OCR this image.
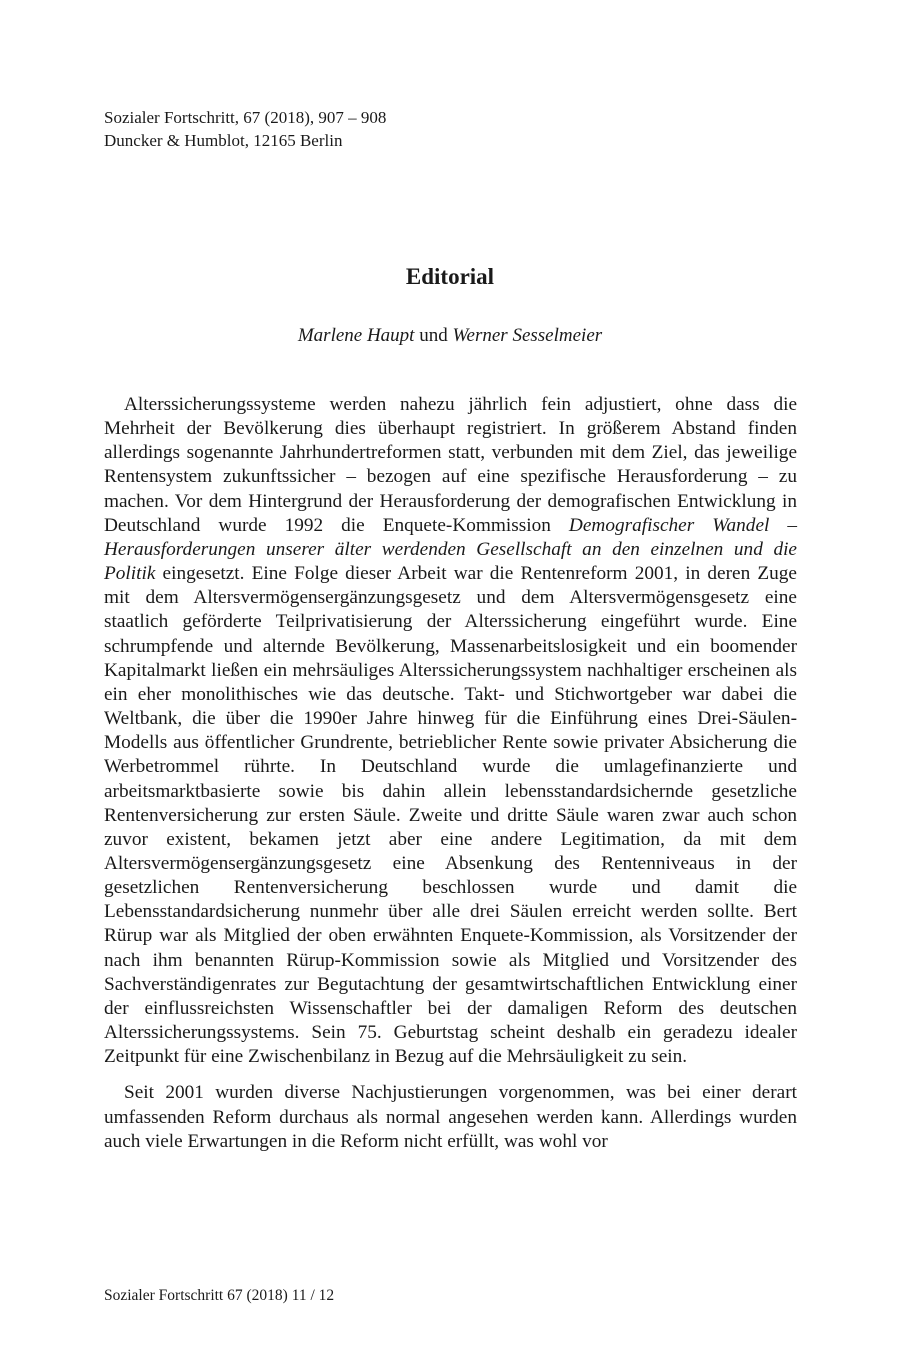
Sozialer Fortschritt, 67 (2018), 907 – 908
Duncker & Humblot, 12165 Berlin
Editorial
Marlene Haupt und Werner Sesselmeier

Alterssicherungssysteme werden nahezu jährlich fein adjustiert, ohne dass die Mehrheit der Bevölkerung dies überhaupt registriert. In größerem Abstand finden allerdings sogenannte Jahrhundertreformen statt, verbunden mit dem Ziel, das jeweilige Rentensystem zukunftssicher – bezogen auf eine spezifische Herausforderung – zu machen. Vor dem Hintergrund der Herausforderung der demografischen Entwicklung in Deutschland wurde 1992 die Enquete-Kommission Demografischer Wandel – Herausforderungen unserer älter werdenden Gesellschaft an den einzelnen und die Politik eingesetzt. Eine Folge dieser Arbeit war die Rentenreform 2001, in deren Zuge mit dem Altersvermögensergänzungsgesetz und dem Altersvermögensgesetz eine staatlich geförderte Teilprivatisierung der Alterssicherung eingeführt wurde. Eine schrumpfende und alternde Bevölkerung, Massenarbeitslosigkeit und ein boomender Kapitalmarkt ließen ein mehrsäuliges Alterssicherungssystem nachhaltiger erscheinen als ein eher monolithisches wie das deutsche. Takt- und Stichwortgeber war dabei die Weltbank, die über die 1990er Jahre hinweg für die Einführung eines Drei-Säulen-Modells aus öffentlicher Grundrente, betrieblicher Rente sowie privater Absicherung die Werbetrommel rührte. In Deutschland wurde die umlagefinanzierte und arbeitsmarktbasierte sowie bis dahin allein lebensstandardsichernde gesetzliche Rentenversicherung zur ersten Säule. Zweite und dritte Säule waren zwar auch schon zuvor existent, bekamen jetzt aber eine andere Legitimation, da mit dem Altersvermögensergänzungsgesetz eine Absenkung des Rentenniveaus in der gesetzlichen Rentenversicherung beschlossen wurde und damit die Lebensstandardsicherung nunmehr über alle drei Säulen erreicht werden sollte. Bert Rürup war als Mitglied der oben erwähnten Enquete-Kommission, als Vorsitzender der nach ihm benannten Rürup-Kommission sowie als Mitglied und Vorsitzender des Sachverständigenrates zur Begutachtung der gesamtwirtschaftlichen Entwicklung einer der einflussreichsten Wissenschaftler bei der damaligen Reform des deutschen Alterssicherungssystems. Sein 75. Geburtstag scheint deshalb ein geradezu idealer Zeitpunkt für eine Zwischenbilanz in Bezug auf die Mehrsäuligkeit zu sein.

Seit 2001 wurden diverse Nachjustierungen vorgenommen, was bei einer derart umfassenden Reform durchaus als normal angesehen werden kann. Allerdings wurden auch viele Erwartungen in die Reform nicht erfüllt, was wohl vor

Sozialer Fortschritt 67 (2018) 11 / 12
